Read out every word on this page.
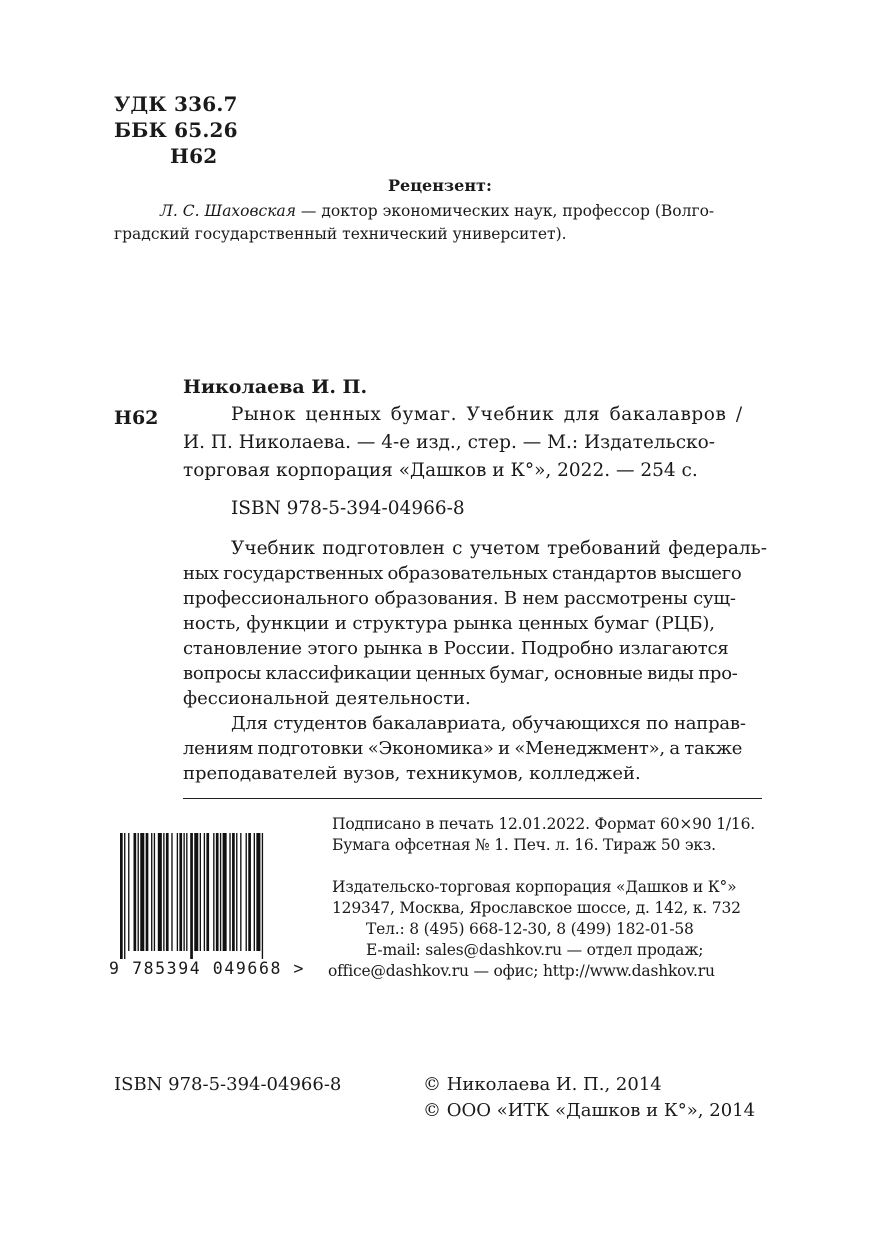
УДК 336.7
ББК 65.26
Н62
Рецензент:
Л. С. Шаховская — доктор экономических наук, профессор (Волго-
градский государственный технический университет).
Николаева И. П.
Н62	Рынок ценных бумаг. Учебник для бакалавров /
И. П. Николаева. — 4-е изд., стер. — М.: Издательско-
торговая корпорация «Дашков и К°», 2022. — 254 с.
ISBN 978-5-394-04966-8
Учебник подготовлен с учетом требований федераль-
ных государственных образовательных стандартов высшего
профессионального образования. В нем рассмотрены сущ-
ность, функции и структура рынка ценных бумаг (РЦБ),
становление этого рынка в России. Подробно излагаются
вопросы классификации ценных бумаг, основные виды про-
фессиональной деятельности.
Для студентов бакалавриата, обучающихся по направ-
лениям подготовки «Экономика» и «Менеджмент», а также
преподавателей вузов, техникумов, колледжей.
Подписано в печать 12.01.2022. Формат 60×90 1/16.
Бумага офсетная № 1. Печ. л. 16. Тираж 50 экз.
Издательско-торговая корпорация «Дашков и К°»
129347, Москва, Ярославское шоссе, д. 142, к. 732
Тел.: 8 (495) 668-12-30, 8 (499) 182-01-58
E-mail: sales@dashkov.ru — отдел продаж;
office@dashkov.ru — офис; http://www.dashkov.ru
9 785394 049668 >
ISBN 978-5-394-04966-8	© Николаева И. П., 2014
© ООО «ИТК «Дашков и К°», 2014
